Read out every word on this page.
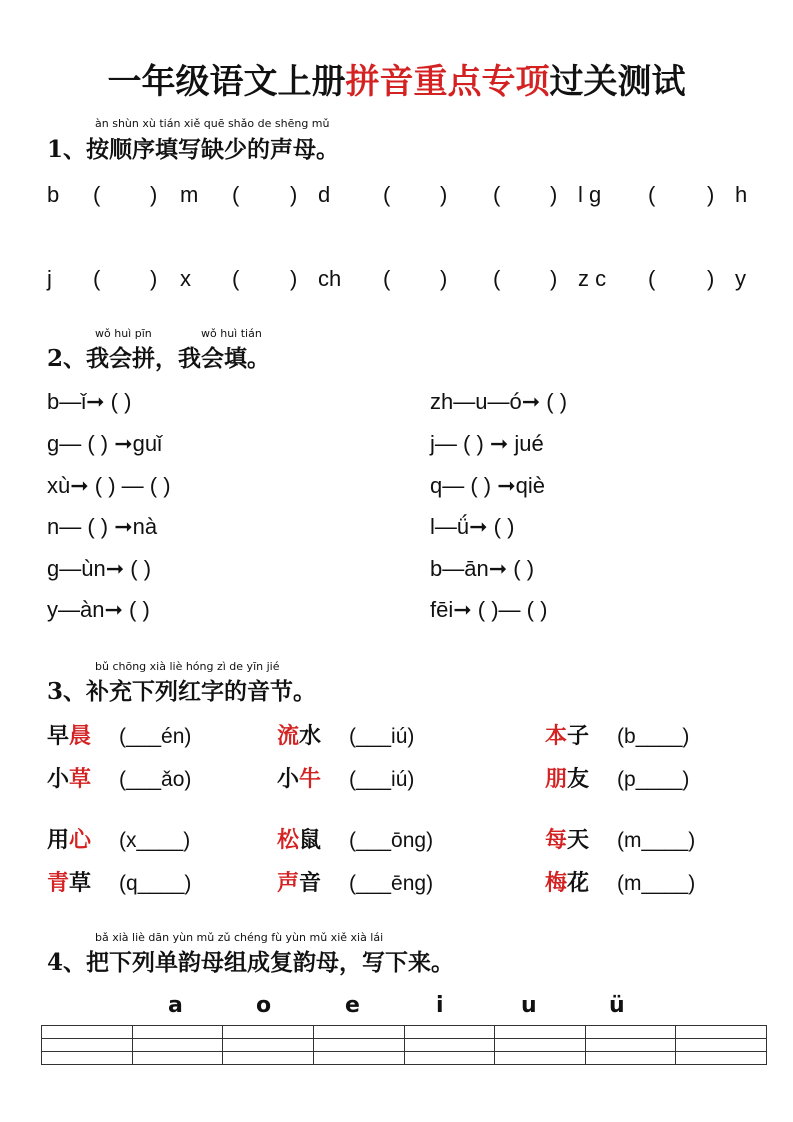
一年级语文上册拼音重点专项过关测试
àn shùn xù tián xiě quē shǎo de shēng mǔ
1、按顺序填写缺少的声母。
b ( ) m ( ) d ( ) ( ) l g ( ) h
j ( ) x ( ) ch ( ) ( ) z c ( ) y
wǒ huì pīn	wǒ huì tián
2、我会拼，我会填。
b—ǐ➞ ( )
g— ( ) ➞guǐ
xù➞ ( ) — ( )
n— ( ) ➞nà
g—ùn➞ ( )
y—àn➞ ( )
zh—u—ó➞ ( )
j— ( ) ➞ jué
q— ( ) ➞qiè
l—ǘ➞ ( )
b—ān➞ ( )
fēi➞ ( )— ( )
bǔ chōng xià liè hóng zì de yīn jié
3、补充下列红字的音节。
早晨 (___én)	流水 (___iú)	本子 (b____)
小草 (___ǎo)	小牛 (___iú)	朋友 (p____)
用心 (x____)	松鼠 (___ōng)	每天 (m____)
青草 (q____)	声音 (___ēng)	梅花 (m____)
bǎ xià liè dān yùn mǔ zǔ chéng fù yùn mǔ xiě xià lái
4、把下列单韵母组成复韵母，写下来。
a	o	e	i	u	ü
